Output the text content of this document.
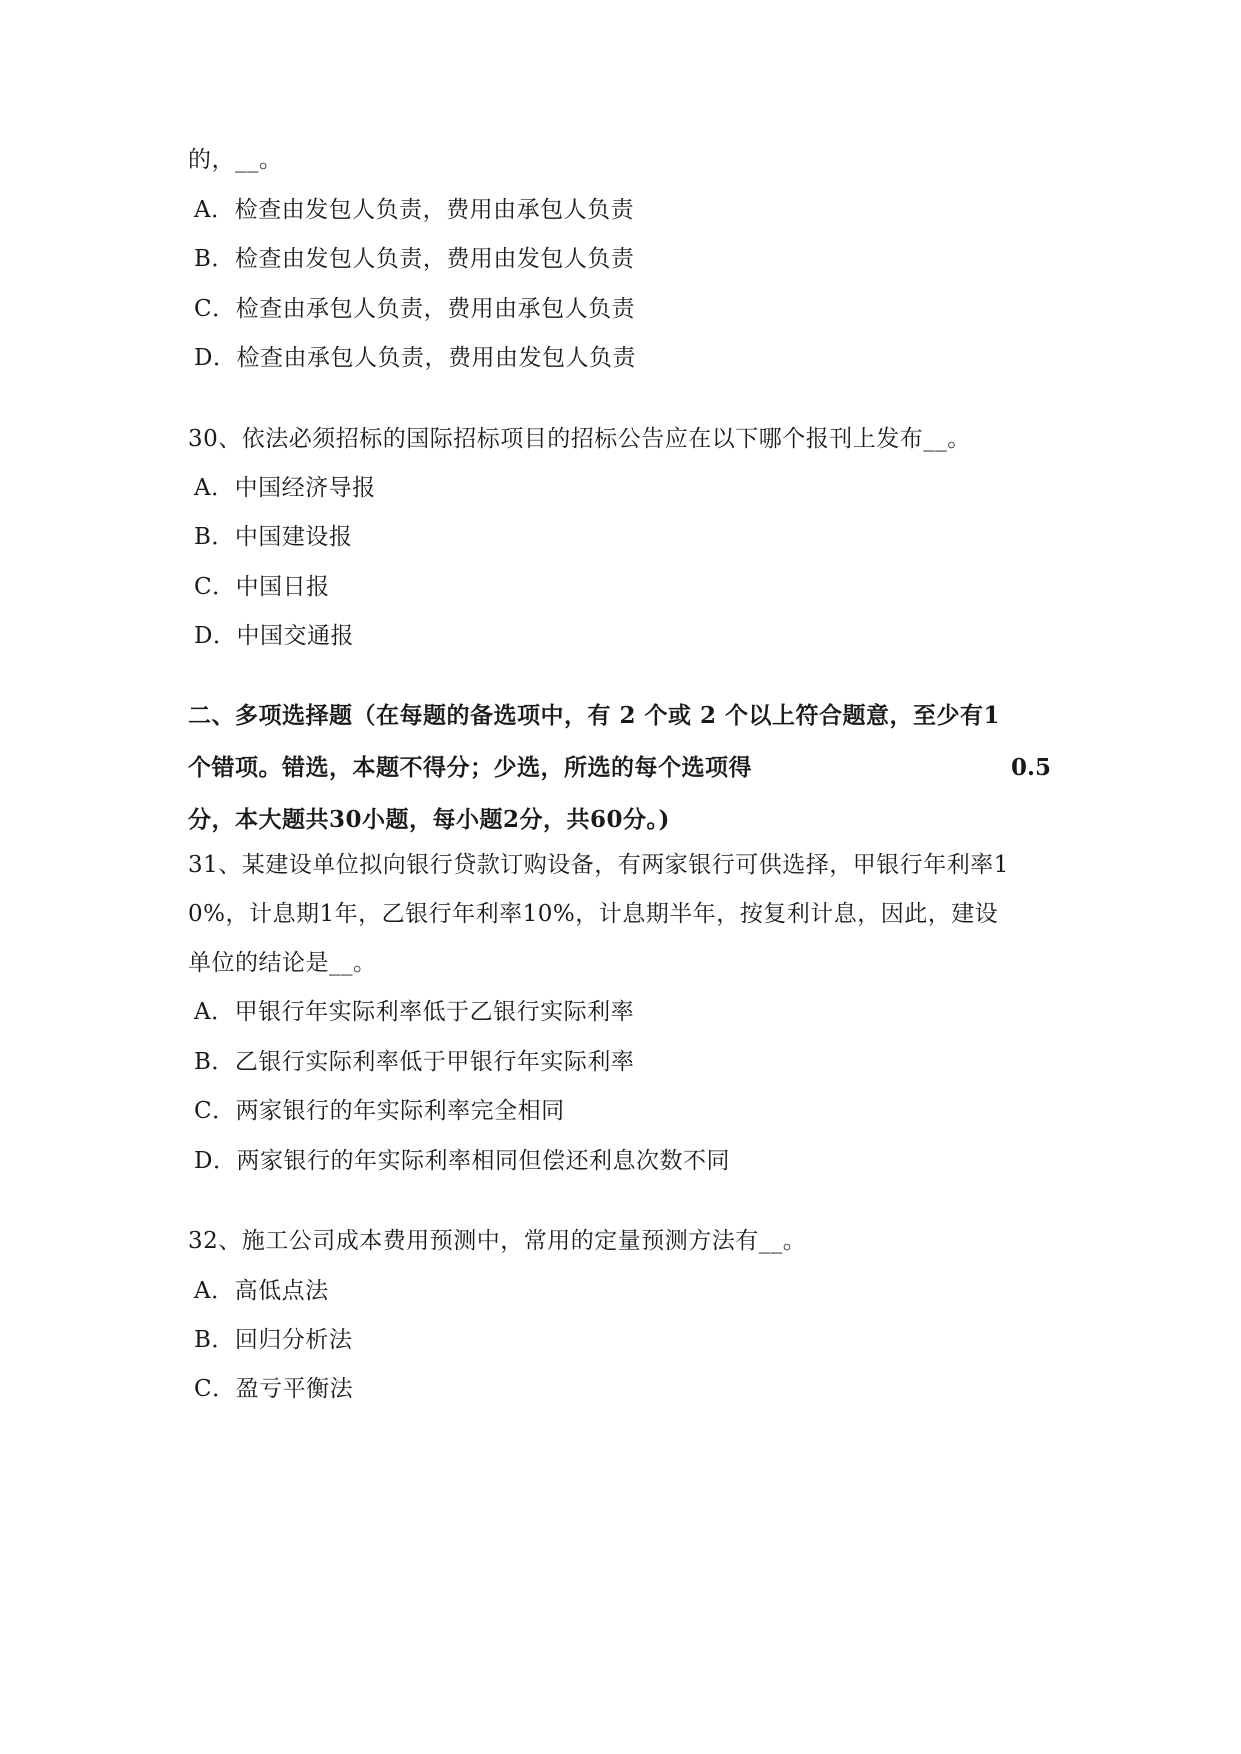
的，__。
A．检查由发包人负责，费用由承包人负责
B．检查由发包人负责，费用由发包人负责
C．检查由承包人负责，费用由承包人负责
D．检查由承包人负责，费用由发包人负责
30、依法必须招标的国际招标项目的招标公告应在以下哪个报刊上发布__。
A．中国经济导报
B．中国建设报
C．中国日报
D．中国交通报
二、多项选择题（在每题的备选项中，有 2 个或 2 个以上符合题意，至少有1
个错项。错选，本题不得分；少选，所选的每个选项得	0.5
分，本大题共30小题，每小题2分，共60分。)
31、某建设单位拟向银行贷款订购设备，有两家银行可供选择，甲银行年利率1
0%，计息期1年，乙银行年利率10%，计息期半年，按复利计息，因此，建设
单位的结论是__。
A．甲银行年实际利率低于乙银行实际利率
B．乙银行实际利率低于甲银行年实际利率
C．两家银行的年实际利率完全相同
D．两家银行的年实际利率相同但偿还利息次数不同
32、施工公司成本费用预测中，常用的定量预测方法有__。
A．高低点法
B．回归分析法
C．盈亏平衡法
